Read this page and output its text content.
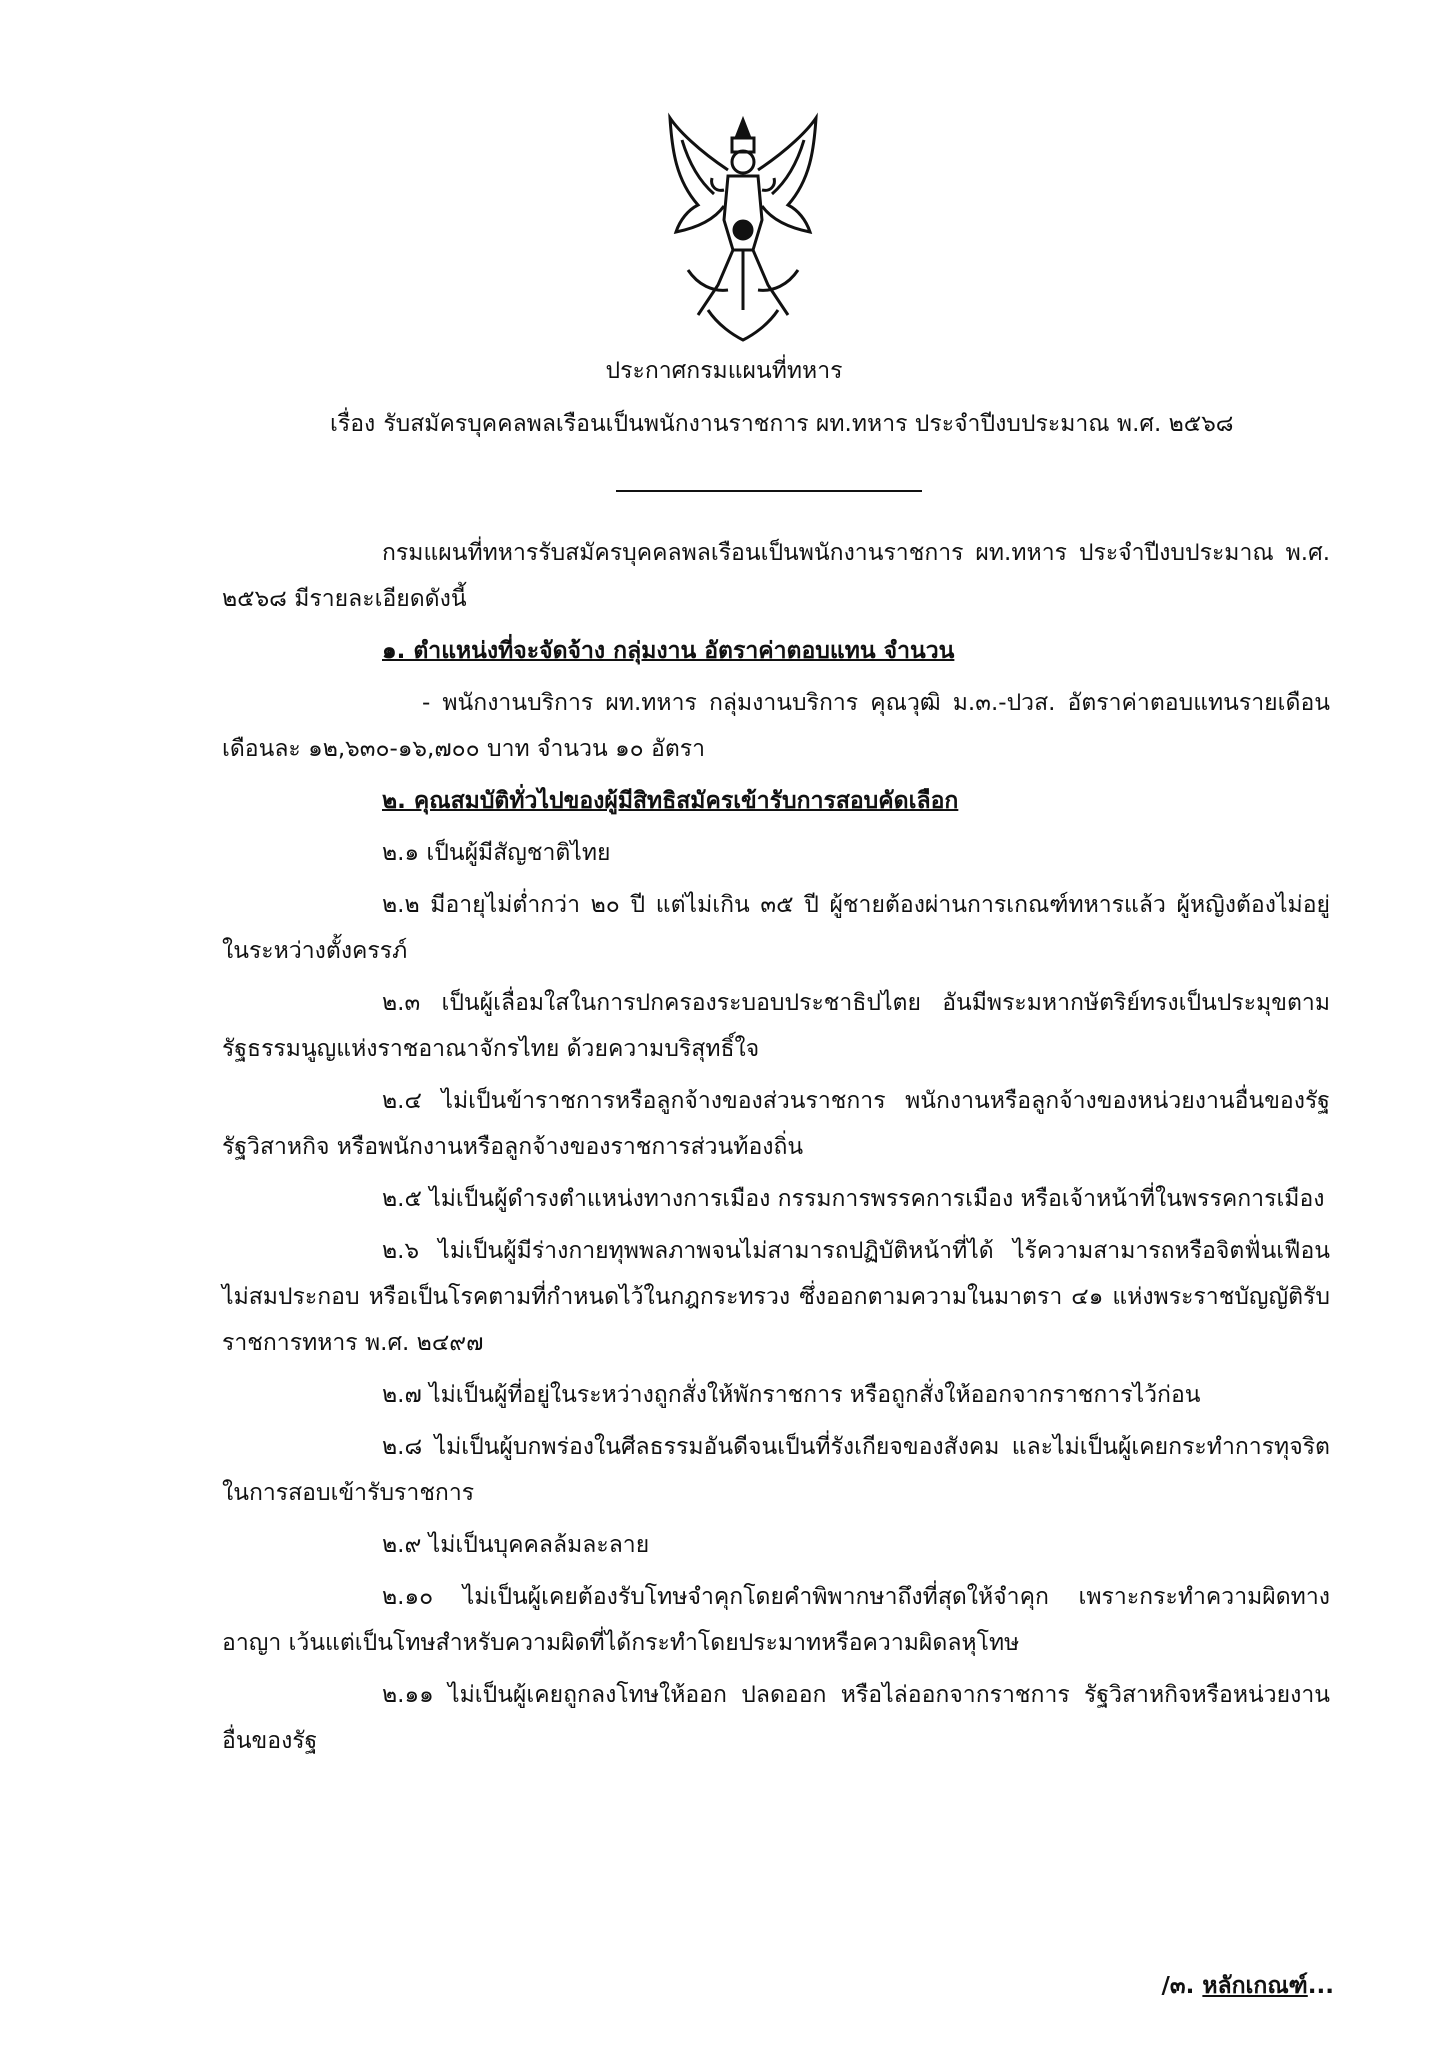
ประกาศกรมแผนที่ทหาร
เรื่อง รับสมัครบุคคลพลเรือนเป็นพนักงานราชการ ผท.ทหาร ประจำปีงบประมาณ พ.ศ. ๒๕๖๘

กรมแผนที่ทหารรับสมัครบุคคลพลเรือนเป็นพนักงานราชการ ผท.ทหาร ประจำปีงบประมาณ พ.ศ. ๒๕๖๘ มีรายละเอียดดังนี้

๑. ตำแหน่งที่จะจัดจ้าง กลุ่มงาน อัตราค่าตอบแทน จำนวน

- พนักงานบริการ ผท.ทหาร กลุ่มงานบริการ คุณวุฒิ ม.๓.-ปวส. อัตราค่าตอบแทนรายเดือน เดือนละ ๑๒,๖๓๐-๑๖,๗๐๐ บาท จำนวน ๑๐ อัตรา

๒. คุณสมบัติทั่วไปของผู้มีสิทธิสมัครเข้ารับการสอบคัดเลือก

๒.๑ เป็นผู้มีสัญชาติไทย

๒.๒ มีอายุไม่ต่ำกว่า ๒๐ ปี แต่ไม่เกิน ๓๕ ปี ผู้ชายต้องผ่านการเกณฑ์ทหารแล้ว ผู้หญิงต้องไม่อยู่ในระหว่างตั้งครรภ์

๒.๓ เป็นผู้เลื่อมใสในการปกครองระบอบประชาธิปไตย อันมีพระมหากษัตริย์ทรงเป็นประมุขตามรัฐธรรมนูญแห่งราชอาณาจักรไทย ด้วยความบริสุทธิ์ใจ

๒.๔ ไม่เป็นข้าราชการหรือลูกจ้างของส่วนราชการ พนักงานหรือลูกจ้างของหน่วยงานอื่นของรัฐ รัฐวิสาหกิจ หรือพนักงานหรือลูกจ้างของราชการส่วนท้องถิ่น

๒.๕ ไม่เป็นผู้ดำรงตำแหน่งทางการเมือง กรรมการพรรคการเมือง หรือเจ้าหน้าที่ในพรรคการเมือง

๒.๖ ไม่เป็นผู้มีร่างกายทุพพลภาพจนไม่สามารถปฏิบัติหน้าที่ได้ ไร้ความสามารถหรือจิตฟั่นเฟือนไม่สมประกอบ หรือเป็นโรคตามที่กำหนดไว้ในกฎกระทรวง ซึ่งออกตามความในมาตรา ๔๑ แห่งพระราชบัญญัติรับราชการทหาร พ.ศ. ๒๔๙๗

๒.๗ ไม่เป็นผู้ที่อยู่ในระหว่างถูกสั่งให้พักราชการ หรือถูกสั่งให้ออกจากราชการไว้ก่อน

๒.๘ ไม่เป็นผู้บกพร่องในศีลธรรมอันดีจนเป็นที่รังเกียจของสังคม และไม่เป็นผู้เคยกระทำการทุจริตในการสอบเข้ารับราชการ

๒.๙ ไม่เป็นบุคคลล้มละลาย

๒.๑๐ ไม่เป็นผู้เคยต้องรับโทษจำคุกโดยคำพิพากษาถึงที่สุดให้จำคุก เพราะกระทำความผิดทางอาญา เว้นแต่เป็นโทษสำหรับความผิดที่ได้กระทำโดยประมาทหรือความผิดลหุโทษ

๒.๑๑ ไม่เป็นผู้เคยถูกลงโทษให้ออก ปลดออก หรือไล่ออกจากราชการ รัฐวิสาหกิจหรือหน่วยงานอื่นของรัฐ

/๓. หลักเกณฑ์...
